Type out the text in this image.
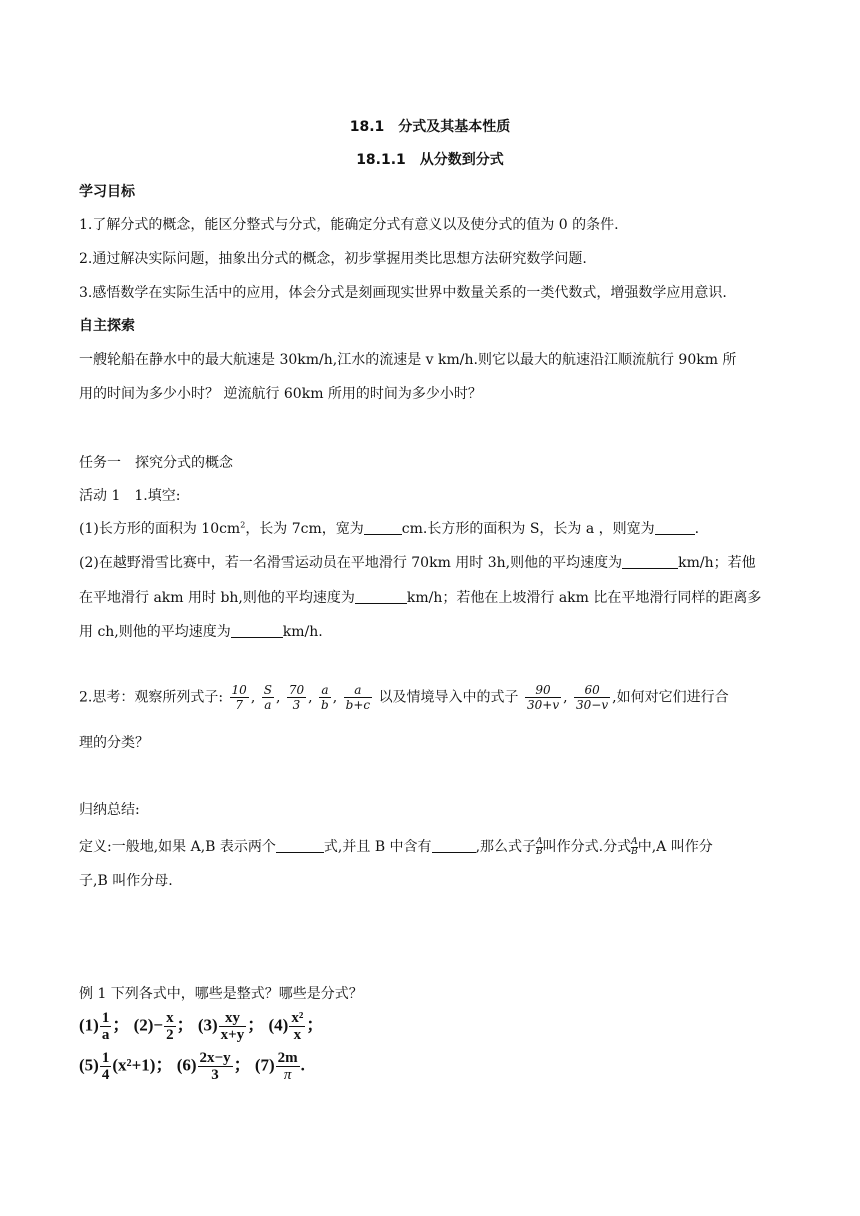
18.1　分式及其基本性质
18.1.1　从分数到分式
学习目标
1.了解分式的概念，能区分整式与分式，能确定分式有意义以及使分式的值为 0 的条件.
2.通过解决实际问题，抽象出分式的概念，初步掌握用类比思想方法研究数学问题.
3.感悟数学在实际生活中的应用，体会分式是刻画现实世界中数量关系的一类代数式，增强数学应用意识.
自主探索
一艘轮船在静水中的最大航速是 30km/h,江水的流速是 v km/h.则它以最大的航速沿江顺流航行 90km 所
用的时间为多少小时？ 逆流航行 60km 所用的时间为多少小时？
任务一　探究分式的概念
活动 1　1.填空:
(1)长方形的面积为 $10cm^2$，长为 7cm，宽为	cm.长方形的面积为 S，长为 a ，则宽为	.
(2)在越野滑雪比赛中，若一名滑雪运动员在平地滑行 70km 用时 3h,则他的平均速度为	km/h；若他
在平地滑行 akm 用时 bh,则他的平均速度为	km/h；若他在上坡滑行 akm 比在平地滑行同样的距离多
用 ch,则他的平均速度为	km/h.
2.思考：观察所列式子: $\frac{10}{7}$ , $\frac{S}{a}$ , $\frac{70}{3}$ , $\frac{a}{b}$ , $\frac{a}{b+c}$ 以及情境导入中的式子 $\frac{90}{30+v}$ , $\frac{60}{30-v}$ ,如何对它们进行合
理的分类？
归纳总结:
定义:一般地,如果 A,B 表示两个	式,并且 B 中含有	,那么式子 $\frac{A}{B}$叫作分式.分式 $\frac{A}{B}$中,A 叫作分
子,B 叫作分母.
例 1 下列各式中，哪些是整式？哪些是分式？
$(1) \frac{1}{a}$ ； $(2)- \frac{x}{2}$ ； $(3) \frac{xy}{x+y}$ ； $(4) \frac{\text{x²}}{x}$ ；
$(5) \frac{1}{4} (x^2+1)$； $(6) \frac{2x-y}{3}$ ； $(7) \frac{2m}{\pi}$ .
